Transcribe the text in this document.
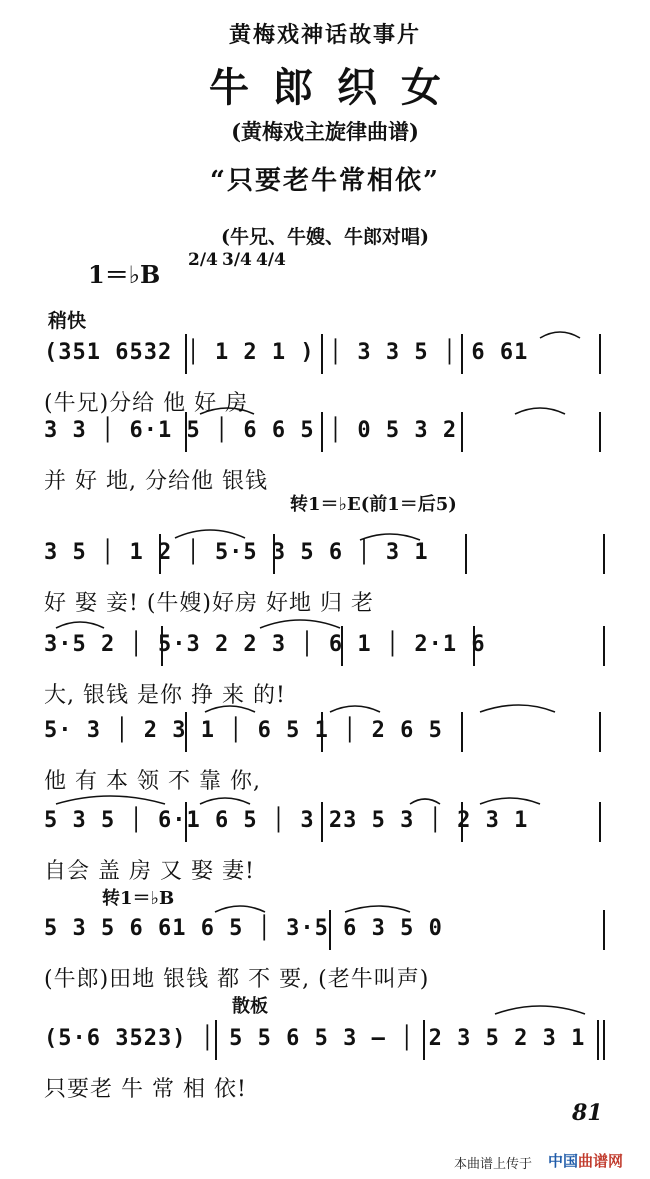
黄梅戏神话故事片
牛郎织女
(黄梅戏主旋律曲谱)
“只要老牛常相依”
(牛兄、牛嫂、牛郎对唱)
1＝♭B 2/4 3/4 4/4
稍快
(351 6532 │ 1 2 1 ) │ 3 3 5 │ 6 61
(牛兄)分给 他 好 房
3 3 │ 6·1 5 │ 6 6 5 │ 0 5 3 2
并 好 地, 分给他 银钱
转1＝♭E(前1＝后5)
3 5 │ 1 2 │ 5·5 3 5 6 │ 3 1
好 娶 妾! (牛嫂)好房 好地 归 老
3·5 2 │ 5·3 2 2 3 │ 6 1 │ 2·1 6
大, 银钱 是你 挣 来 的!
5· 3 │ 2 3 1 │ 6 5 1 │ 2 6 5
他 有 本 领 不 靠 你,
5 3 5 │ 6·1 6 5 │ 3 23 5 3 │ 2 3 1
自会 盖 房 又 娶 妻!
转1＝♭B
5 3 5 6 61 6 5 │ 3·5 6 3 5 0
(牛郎)田地 银钱 都 不 要, (老牛叫声)
散板
(5·6 3523) │ 5 5 6 5 3 — │ 2 3 5 2 3 1
只要老 牛 常 相 依!
81
本曲谱上传于 中国曲谱网
